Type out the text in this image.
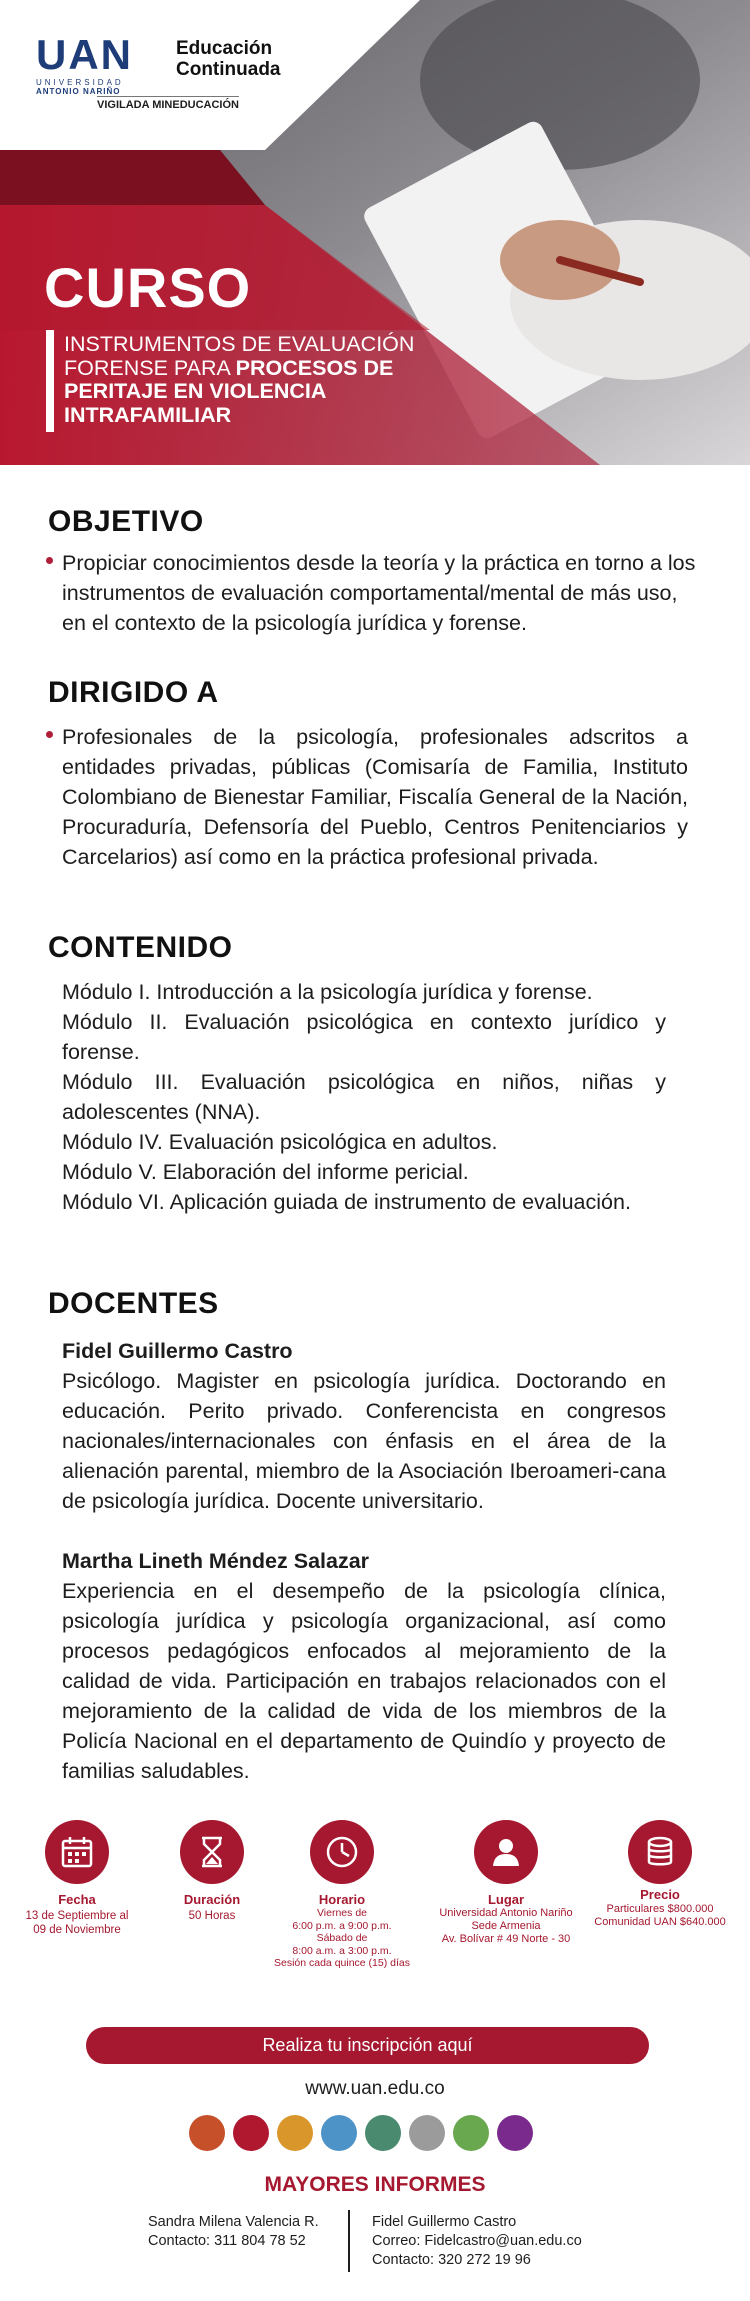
UAN
UNIVERSIDAD
ANTONIO NARIÑO
Educación
Continuada
VIGILADA MINEDUCACIÓN
CURSO
INSTRUMENTOS DE EVALUACIÓN
FORENSE PARA PROCESOS DE
PERITAJE EN VIOLENCIA
INTRAFAMILIAR
OBJETIVO
Propiciar conocimientos desde la teoría y la práctica en torno a los instrumentos de evaluación comportamental/mental de más uso, en el contexto de la psicología jurídica y forense.
DIRIGIDO A
Profesionales de la psicología, profesionales adscritos a entidades privadas, públicas (Comisaría de Familia, Instituto Colombiano de Bienestar Familiar, Fiscalía General de la Nación, Procuraduría, Defensoría del Pueblo, Centros Penitenciarios y Carcelarios) así como en la práctica profesional privada.
CONTENIDO
Módulo I. Introducción a la psicología jurídica y forense.
Módulo II. Evaluación psicológica en contexto jurídico y forense.
Módulo III. Evaluación psicológica en niños, niñas y adolescentes (NNA).
Módulo IV. Evaluación psicológica en adultos.
Módulo V. Elaboración del informe pericial.
Módulo VI. Aplicación guiada de instrumento de evaluación.
DOCENTES
Fidel Guillermo Castro
Psicólogo. Magister en psicología jurídica. Doctorando en educación. Perito privado. Conferencista en congresos nacionales/internacionales con énfasis en el área de la alienación parental, miembro de la Asociación Iberoameri-cana de psicología jurídica. Docente universitario.
Martha Lineth Méndez Salazar
Experiencia en el desempeño de la psicología clínica, psicología jurídica y psicología organizacional, así como procesos pedagógicos enfocados al mejoramiento de la calidad de vida. Participación en trabajos relacionados con el mejoramiento de la calidad de vida de los miembros de la Policía Nacional en el departamento de Quindío y proyecto de familias saludables.
Fecha
13 de Septiembre al
09 de Noviembre
Duración
50 Horas
Horario
Viernes de
6:00 p.m. a 9:00 p.m.
Sábado de
8:00 a.m. a 3:00 p.m.
Sesión cada quince (15) días
Lugar
Universidad Antonio Nariño
Sede Armenia
Av. Bolívar # 49 Norte - 30
Precio
Particulares $800.000
Comunidad UAN $640.000
Realiza tu inscripción aquí
www.uan.edu.co
MAYORES INFORMES
Sandra Milena Valencia R.
Contacto: 311 804 78 52
Fidel Guillermo Castro
Correo: Fidelcastro@uan.edu.co
Contacto: 320 272 19 96
